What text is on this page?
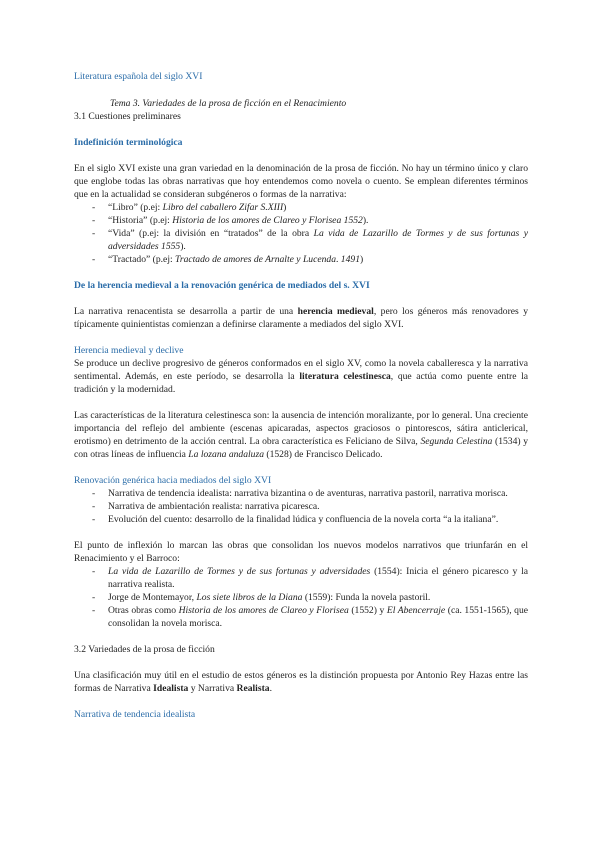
Literatura española del siglo XVI

Tema 3. Variedades de la prosa de ficción en el Renacimiento

3.1 Cuestiones preliminares

Indefinición terminológica

En el siglo XVI existe una gran variedad en la denominación de la prosa de ficción. No hay un término único y claro que englobe todas las obras narrativas que hoy entendemos como novela o cuento. Se emplean diferentes términos que en la actualidad se consideran subgéneros o formas de la narrativa:

- “Libro” (p.ej: Libro del caballero Zifar S.XIII)
- “Historia” (p.ej: Historia de los amores de Clareo y Florisea 1552).
- “Vida” (p.ej: la división en “tratados” de la obra La vida de Lazarillo de Tormes y de sus fortunas y adversidades 1555).
- “Tractado” (p.ej: Tractado de amores de Arnalte y Lucenda. 1491)

De la herencia medieval a la renovación genérica de mediados del s. XVI

La narrativa renacentista se desarrolla a partir de una herencia medieval, pero los géneros más renovadores y típicamente quinientistas comienzan a definirse claramente a mediados del siglo XVI.

Herencia medieval y declive

Se produce un declive progresivo de géneros conformados en el siglo XV, como la novela caballeresca y la narrativa sentimental. Además, en este período, se desarrolla la literatura celestinesca, que actúa como puente entre la tradición y la modernidad.

Las características de la literatura celestinesca son: la ausencia de intención moralizante, por lo general. Una creciente importancia del reflejo del ambiente (escenas apicaradas, aspectos graciosos o pintorescos, sátira anticlerical, erotismo) en detrimento de la acción central. La obra característica es Feliciano de Silva, Segunda Celestina (1534) y con otras líneas de influencia La lozana andaluza (1528) de Francisco Delicado.

Renovación genérica hacia mediados del siglo XVI

- Narrativa de tendencia idealista: narrativa bizantina o de aventuras, narrativa pastoril, narrativa morisca.
- Narrativa de ambientación realista: narrativa picaresca.
- Evolución del cuento: desarrollo de la finalidad lúdica y confluencia de la novela corta “a la italiana”.

El punto de inflexión lo marcan las obras que consolidan los nuevos modelos narrativos que triunfarán en el Renacimiento y el Barroco:

- La vida de Lazarillo de Tormes y de sus fortunas y adversidades (1554): Inicia el género picaresco y la narrativa realista.
- Jorge de Montemayor, Los siete libros de la Diana (1559): Funda la novela pastoril.
- Otras obras como Historia de los amores de Clareo y Florisea (1552) y El Abencerraje (ca. 1551-1565), que consolidan la novela morisca.

3.2 Variedades de la prosa de ficción

Una clasificación muy útil en el estudio de estos géneros es la distinción propuesta por Antonio Rey Hazas entre las formas de Narrativa Idealista y Narrativa Realista.

Narrativa de tendencia idealista
